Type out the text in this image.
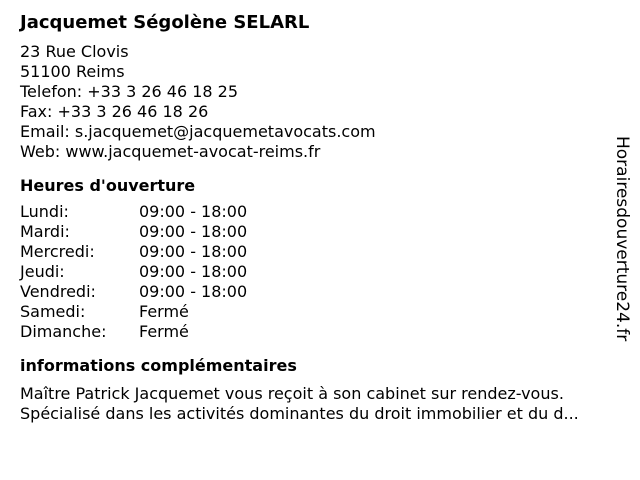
Jacquemet Ségolène SELARL
23 Rue Clovis
51100 Reims
Telefon: +33 3 26 46 18 25
Fax: +33 3 26 46 18 26
Email: s.jacquemet@jacquemetavocats.com
Web: www.jacquemet-avocat-reims.fr
Heures d'ouverture
Lundi:	09:00 - 18:00
Mardi:	09:00 - 18:00
Mercredi:	09:00 - 18:00
Jeudi:	09:00 - 18:00
Vendredi:	09:00 - 18:00
Samedi:	Fermé
Dimanche:	Fermé
informations complémentaires
Maître Patrick Jacquemet vous reçoit à son cabinet sur rendez-vous.
Spécialisé dans les activités dominantes du droit immobilier et du d...
Horairesdouverture24.fr
